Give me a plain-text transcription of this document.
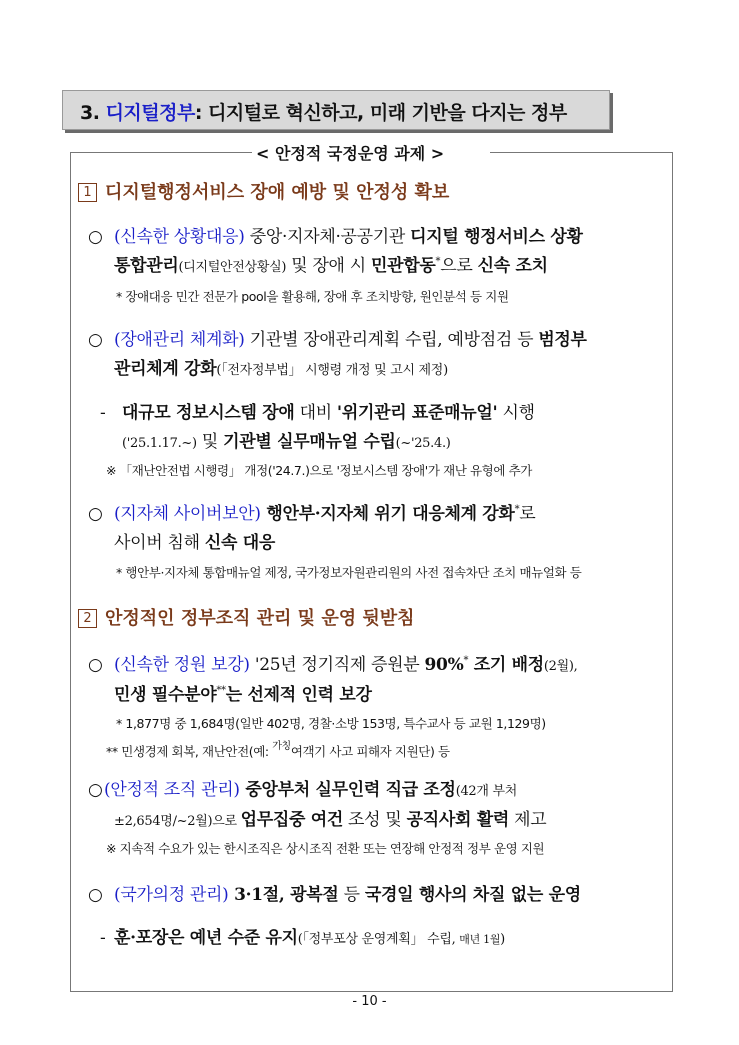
3. 디지털정부: 디지털로 혁신하고, 미래 기반을 다지는 정부
< 안정적 국정운영 과제 >
1 디지털행정서비스 장애 예방 및 안정성 확보
○ (신속한 상황대응) 중앙·지자체·공공기관 디지털 행정서비스 상황
통합관리(디지털안전상황실) 및 장애 시 민관합동*으로 신속 조치
* 장애대응 민간 전문가 pool을 활용해, 장애 후 조치방향, 원인분석 등 지원
○ (장애관리 체계화) 기관별 장애관리계획 수립, 예방점검 등 범정부
관리체계 강화(「전자정부법」 시행령 개정 및 고시 제정)
- 대규모 정보시스템 장애 대비 '위기관리 표준매뉴얼' 시행
('25.1.17.~) 및 기관별 실무매뉴얼 수립(~'25.4.)
※ 「재난안전법 시행령」 개정('24.7.)으로 '정보시스템 장애'가 재난 유형에 추가
○ (지자체 사이버보안) 행안부·지자체 위기 대응체계 강화*로
사이버 침해 신속 대응
* 행안부·지자체 통합매뉴얼 제정, 국가정보자원관리원의 사전 접속차단 조치 매뉴얼화 등
2 안정적인 정부조직 관리 및 운영 뒷받침
○ (신속한 정원 보강) '25년 정기직제 증원분 90%* 조기 배정(2월),
민생 필수분야**는 선제적 인력 보강
* 1,877명 중 1,684명(일반 402명, 경찰·소방 153명, 특수교사 등 교원 1,129명)
** 민생경제 회복, 재난안전(예: $^{가칭}$여객기 사고 피해자 지원단) 등
○(안정적 조직 관리) 중앙부처 실무인력 직급 조정(42개 부처
±2,654명/~2월)으로 업무집중 여건 조성 및 공직사회 활력 제고
※ 지속적 수요가 있는 한시조직은 상시조직 전환 또는 연장해 안정적 정부 운영 지원
○ (국가의정 관리) 3·1절, 광복절 등 국경일 행사의 차질 없는 운영
- 훈·포장은 예년 수준 유지(「정부포상 운영계획」 수립, 매년 1월)
- 10 -
